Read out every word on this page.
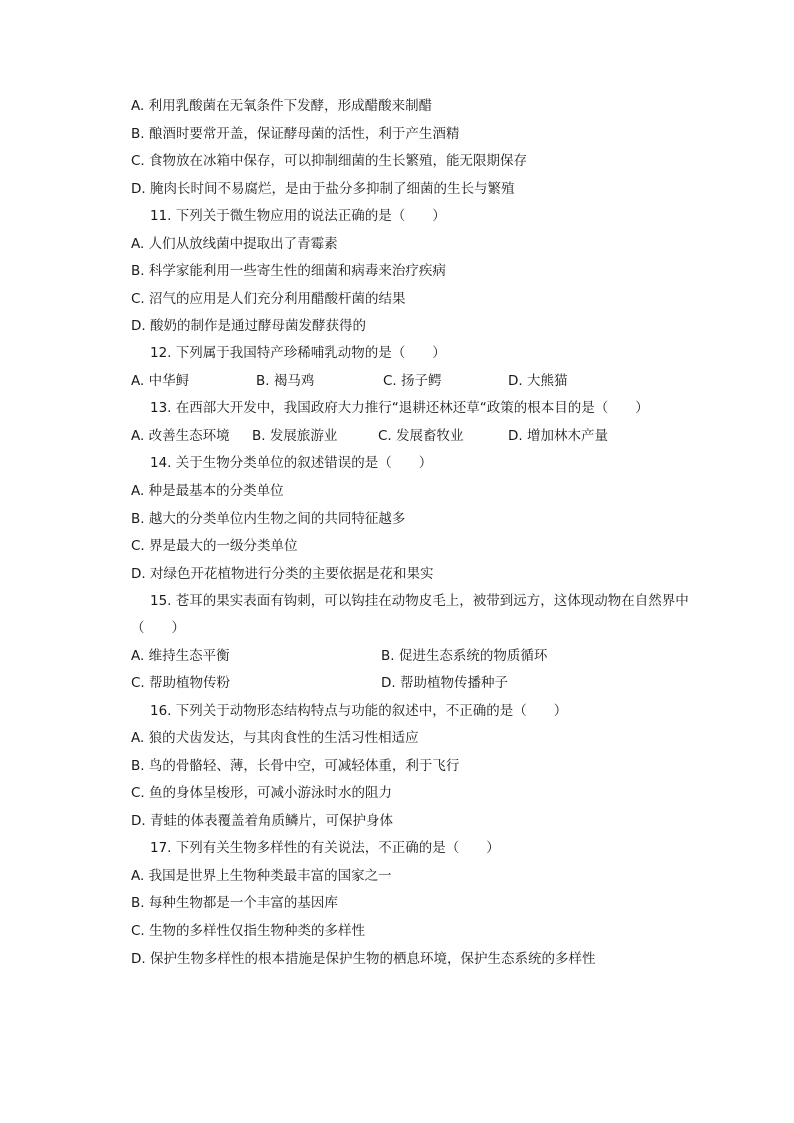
A. 利用乳酸菌在无氧条件下发酵，形成醋酸来制醋
B. 酿酒时要常开盖，保证酵母菌的活性，利于产生酒精
C. 食物放在冰箱中保存，可以抑制细菌的生长繁殖，能无限期保存
D. 腌肉长时间不易腐烂，是由于盐分多抑制了细菌的生长与繁殖
11. 下列关于微生物应用的说法正确的是（　　）
A. 人们从放线菌中提取出了青霉素
B. 科学家能利用一些寄生性的细菌和病毒来治疗疾病
C. 沼气的应用是人们充分利用醋酸杆菌的结果
D. 酸奶的制作是通过酵母菌发酵获得的
12. 下列属于我国特产珍稀哺乳动物的是（　　）
A. 中华鲟	B. 褐马鸡	C. 扬子鳄	D. 大熊猫
13. 在西部大开发中，我国政府大力推行“退耕还林还草“政策的根本目的是（　　）
A. 改善生态环境	B. 发展旅游业	C. 发展畜牧业	D. 增加林木产量
14. 关于生物分类单位的叙述错误的是（　　）
A. 种是最基本的分类单位
B. 越大的分类单位内生物之间的共同特征越多
C. 界是最大的一级分类单位
D. 对绿色开花植物进行分类的主要依据是花和果实
15. 苍耳的果实表面有钩刺，可以钩挂在动物皮毛上，被带到远方，这体现动物在自然界中
（　　）
A. 维持生态平衡	B. 促进生态系统的物质循环
C. 帮助植物传粉	D. 帮助植物传播种子
16. 下列关于动物形态结构特点与功能的叙述中，不正确的是（　　）
A. 狼的犬齿发达，与其肉食性的生活习性相适应
B. 鸟的骨骼轻、薄，长骨中空，可减轻体重，利于飞行
C. 鱼的身体呈梭形，可减小游泳时水的阻力
D. 青蛙的体表覆盖着角质鳞片，可保护身体
17. 下列有关生物多样性的有关说法，不正确的是（　　）
A. 我国是世界上生物种类最丰富的国家之一
B. 每种生物都是一个丰富的基因库
C. 生物的多样性仅指生物种类的多样性
D. 保护生物多样性的根本措施是保护生物的栖息环境，保护生态系统的多样性
